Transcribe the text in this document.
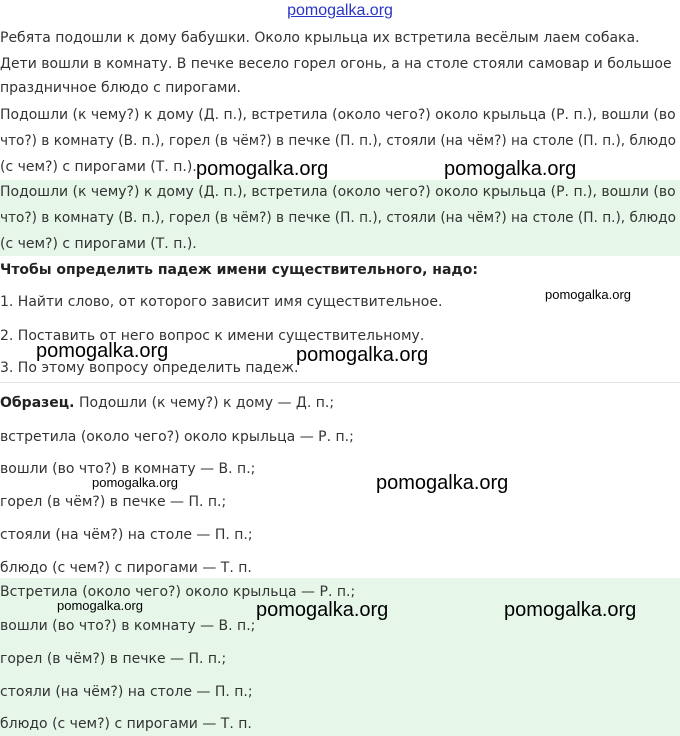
pomogalka.org
Ребята подошли к дому бабушки. Около крыльца их встретила весёлым лаем собака.
Дети вошли в комнату. В печке весело горел огонь, а на столе стояли самовар и большое
праздничное блюдо с пирогами.
Подошли (к чему?) к дому (Д. п.), встретила (около чего?) около крыльца (Р. п.), вошли (во
что?) в комнату (В. п.), горел (в чём?) в печке (П. п.), стояли (на чём?) на столе (П. п.), блюдо
(с чем?) с пирогами (Т. п.).
Подошли (к чему?) к дому (Д. п.), встретила (около чего?) около крыльца (Р. п.), вошли (во
что?) в комнату (В. п.), горел (в чём?) в печке (П. п.), стояли (на чём?) на столе (П. п.), блюдо
(с чем?) с пирогами (Т. п.).
Чтобы определить падеж имени существительного, надо:
1. Найти слово, от которого зависит имя существительное.
2. Поставить от него вопрос к имени существительному.
3. По этому вопросу определить падеж.
Образец. Подошли (к чему?) к дому — Д. п.;
встретила (около чего?) около крыльца — Р. п.;
вошли (во что?) в комнату — В. п.;
горел (в чём?) в печке — П. п.;
стояли (на чём?) на столе — П. п.;
блюдо (с чем?) с пирогами — Т. п.
Встретила (около чего?) около крыльца — Р. п.;
вошли (во что?) в комнату — В. п.;
горел (в чём?) в печке — П. п.;
стояли (на чём?) на столе — П. п.;
блюдо (с чем?) с пирогами — Т. п.
pomogalka.org	pomogalka.org
pomogalka.org
pomogalka.org	pomogalka.org
pomogalka.org	pomogalka.org
pomogalka.org	pomogalka.org	pomogalka.org
